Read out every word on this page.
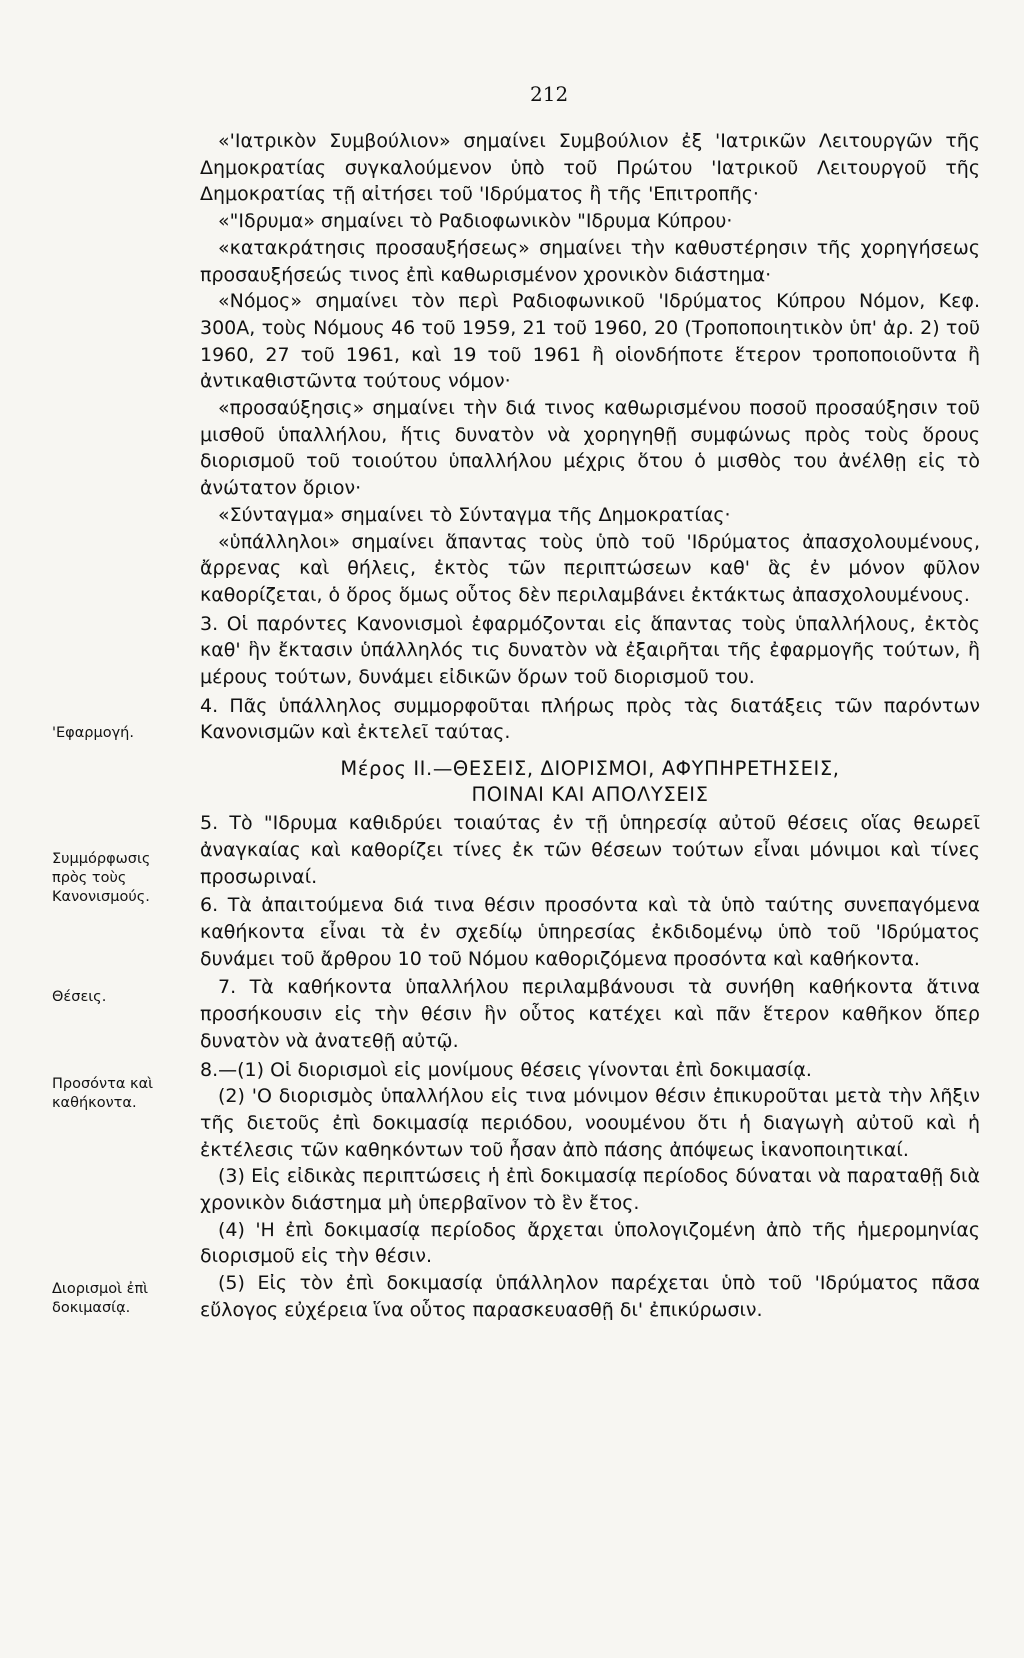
212
'Εφαρμογή.
Συμμόρφωσις πρὸς τοὺς Κανονισμούς.
Θέσεις.
Προσόντα καὶ καθήκοντα.
Διορισμοὶ ἐπὶ δοκιμασίᾳ.

«'Ιατρικὸν Συμβούλιον» σημαίνει Συμβούλιον ἐξ 'Ιατρικῶν Λειτουργῶν τῆς Δημοκρατίας συγκαλούμενον ὑπὸ τοῦ Πρώτου 'Ιατρικοῦ Λειτουργοῦ τῆς Δημοκρατίας τῇ αἰτήσει τοῦ 'Ιδρύματος ἢ τῆς 'Επιτροπῆς·

«"Ιδρυμα» σημαίνει τὸ Ραδιοφωνικὸν "Ιδρυμα Κύπρου·

«κατακράτησις προσαυξήσεως» σημαίνει τὴν καθυστέρησιν τῆς χορηγήσεως προσαυξήσεώς τινος ἐπὶ καθωρισμένον χρονικὸν διάστημα·

«Νόμος» σημαίνει τὸν περὶ Ραδιοφωνικοῦ 'Ιδρύματος Κύπρου Νόμον, Κεφ. 300Α, τοὺς Νόμους 46 τοῦ 1959, 21 τοῦ 1960, 20 (Τροποποιητικὸν ὑπ' ἀρ. 2) τοῦ 1960, 27 τοῦ 1961, καὶ 19 τοῦ 1961 ἢ οἱονδήποτε ἕτερον τροποποιοῦντα ἢ ἀντικαθιστῶντα τούτους νόμον·

«προσαύξησις» σημαίνει τὴν διά τινος καθωρισμένου ποσοῦ προσαύξησιν τοῦ μισθοῦ ὑπαλλήλου, ἥτις δυνατὸν νὰ χορηγηθῇ συμφώνως πρὸς τοὺς ὅρους διορισμοῦ τοῦ τοιούτου ὑπαλλήλου μέχρις ὅτου ὁ μισθὸς του ἀνέλθῃ εἰς τὸ ἀνώτατον ὅριον·

«Σύνταγμα» σημαίνει τὸ Σύνταγμα τῆς Δημοκρατίας·

«ὑπάλληλοι» σημαίνει ἅπαντας τοὺς ὑπὸ τοῦ 'Ιδρύματος ἀπασχολουμένους, ἄρρενας καὶ θήλεις, ἐκτὸς τῶν περιπτώσεων καθ' ἃς ἐν μόνον φῦλον καθορίζεται, ὁ ὅρος ὅμως οὗτος δὲν περιλαμβάνει ἐκτάκτως ἀπασχολουμένους.

3. Οἱ παρόντες Κανονισμοὶ ἐφαρμόζονται εἰς ἅπαντας τοὺς ὑπαλλήλους, ἐκτὸς καθ' ἣν ἔκτασιν ὑπάλληλός τις δυνατὸν νὰ ἐξαιρῆται τῆς ἐφαρμογῆς τούτων, ἢ μέρους τούτων, δυνάμει εἰδικῶν ὅρων τοῦ διορισμοῦ του.

4. Πᾶς ὑπάλληλος συμμορφοῦται πλήρως πρὸς τὰς διατάξεις τῶν παρόντων Κανονισμῶν καὶ ἐκτελεῖ ταύτας.

Μέρος II.—ΘΕΣΕΙΣ, ΔΙΟΡΙΣΜΟΙ, ΑΦΥΠΗΡΕΤΗΣΕΙΣ,
ΠΟΙΝΑΙ ΚΑΙ ΑΠΟΛΥΣΕΙΣ

5. Τὸ "Ιδρυμα καθιδρύει τοιαύτας ἐν τῇ ὑπηρεσίᾳ αὐτοῦ θέσεις οἵας θεωρεῖ ἀναγκαίας καὶ καθορίζει τίνες ἐκ τῶν θέσεων τούτων εἶναι μόνιμοι καὶ τίνες προσωριναί.

6. Τὰ ἀπαιτούμενα διά τινα θέσιν προσόντα καὶ τὰ ὑπὸ ταύτης συνεπαγόμενα καθήκοντα εἶναι τὰ ἐν σχεδίῳ ὑπηρεσίας ἐκδιδομένῳ ὑπὸ τοῦ 'Ιδρύματος δυνάμει τοῦ ἄρθρου 10 τοῦ Νόμου καθοριζόμενα προσόντα καὶ καθήκοντα.

7. Τὰ καθήκοντα ὑπαλλήλου περιλαμβάνουσι τὰ συνήθη καθήκοντα ἅτινα προσήκουσιν εἰς τὴν θέσιν ἣν οὗτος κατέχει καὶ πᾶν ἕτερον καθῆκον ὅπερ δυνατὸν νὰ ἀνατεθῇ αὐτῷ.

8.—(1) Οἱ διορισμοὶ εἰς μονίμους θέσεις γίνονται ἐπὶ δοκιμασίᾳ.

(2) 'Ο διορισμὸς ὑπαλλήλου εἰς τινα μόνιμον θέσιν ἐπικυροῦται μετὰ τὴν λῆξιν τῆς διετοῦς ἐπὶ δοκιμασίᾳ περιόδου, νοουμένου ὅτι ἡ διαγωγὴ αὐτοῦ καὶ ἡ ἐκτέλεσις τῶν καθηκόντων τοῦ ἦσαν ἀπὸ πάσης ἀπόψεως ἱκανοποιητικαί.

(3) Εἰς εἰδικὰς περιπτώσεις ἡ ἐπὶ δοκιμασίᾳ περίοδος δύναται νὰ παραταθῇ διὰ χρονικὸν διάστημα μὴ ὑπερβαῖνον τὸ ἓν ἔτος.

(4) 'Η ἐπὶ δοκιμασίᾳ περίοδος ἄρχεται ὑπολογιζομένη ἀπὸ τῆς ἡμερομηνίας διορισμοῦ εἰς τὴν θέσιν.

(5) Εἰς τὸν ἐπὶ δοκιμασίᾳ ὑπάλληλον παρέχεται ὑπὸ τοῦ 'Ιδρύματος πᾶσα εὔλογος εὐχέρεια ἵνα οὗτος παρασκευασθῇ δι' ἐπικύρωσιν.
